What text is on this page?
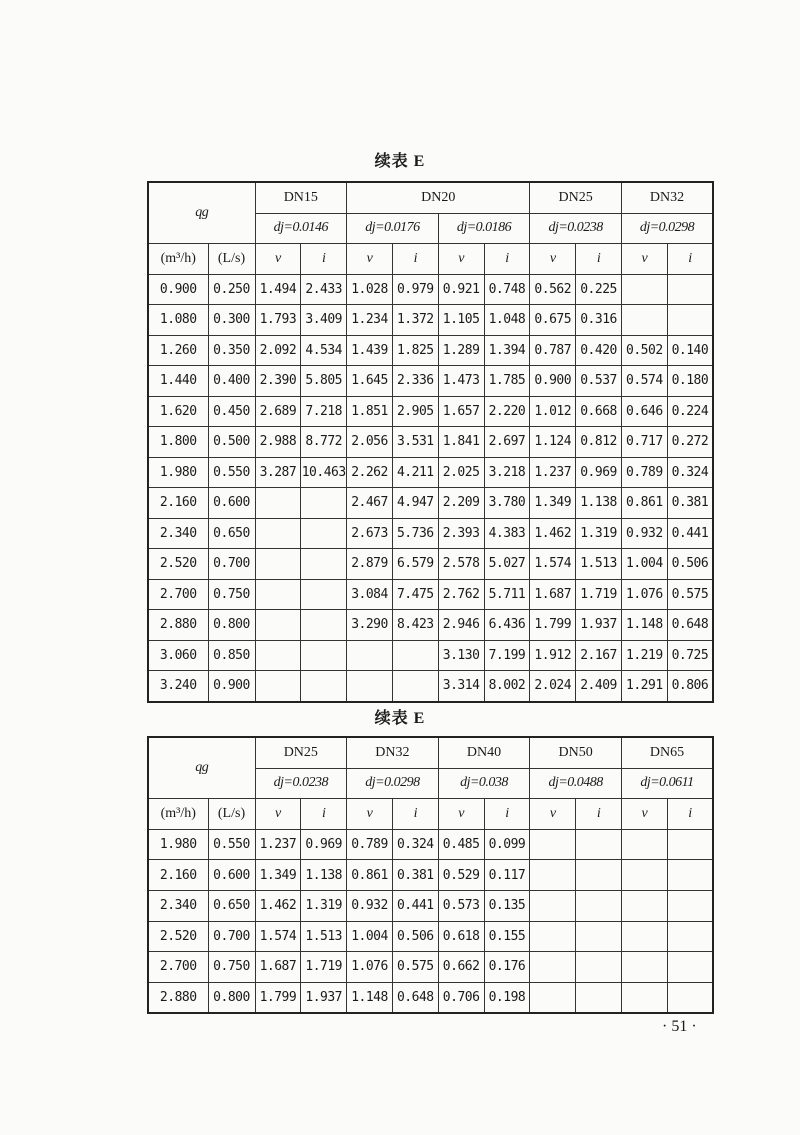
续表 E
qg		DN15		DN20				DN25		DN32	
		dj=0.0146		dj=0.0176		dj=0.0186		dj=0.0238		dj=0.0298	
(m³/h)	(L/s)	v	i	v	i	v	i	v	i	v	i
0.900	0.250	1.494	2.433	1.028	0.979	0.921	0.748	0.562	0.225		
1.080	0.300	1.793	3.409	1.234	1.372	1.105	1.048	0.675	0.316		
1.260	0.350	2.092	4.534	1.439	1.825	1.289	1.394	0.787	0.420	0.502	0.140
1.440	0.400	2.390	5.805	1.645	2.336	1.473	1.785	0.900	0.537	0.574	0.180
1.620	0.450	2.689	7.218	1.851	2.905	1.657	2.220	1.012	0.668	0.646	0.224
1.800	0.500	2.988	8.772	2.056	3.531	1.841	2.697	1.124	0.812	0.717	0.272
1.980	0.550	3.287	10.463	2.262	4.211	2.025	3.218	1.237	0.969	0.789	0.324
2.160	0.600			2.467	4.947	2.209	3.780	1.349	1.138	0.861	0.381
2.340	0.650			2.673	5.736	2.393	4.383	1.462	1.319	0.932	0.441
2.520	0.700			2.879	6.579	2.578	5.027	1.574	1.513	1.004	0.506
2.700	0.750			3.084	7.475	2.762	5.711	1.687	1.719	1.076	0.575
2.880	0.800			3.290	8.423	2.946	6.436	1.799	1.937	1.148	0.648
3.060	0.850					3.130	7.199	1.912	2.167	1.219	0.725
3.240	0.900					3.314	8.002	2.024	2.409	1.291	0.806
续表 E
qg		DN25		DN32		DN40		DN50		DN65	
		dj=0.0238		dj=0.0298		dj=0.038		dj=0.0488		dj=0.0611	
(m³/h)	(L/s)	v	i	v	i	v	i	v	i	v	i
1.980	0.550	1.237	0.969	0.789	0.324	0.485	0.099				
2.160	0.600	1.349	1.138	0.861	0.381	0.529	0.117				
2.340	0.650	1.462	1.319	0.932	0.441	0.573	0.135				
2.520	0.700	1.574	1.513	1.004	0.506	0.618	0.155				
2.700	0.750	1.687	1.719	1.076	0.575	0.662	0.176				
2.880	0.800	1.799	1.937	1.148	0.648	0.706	0.198				
· 51 ·
